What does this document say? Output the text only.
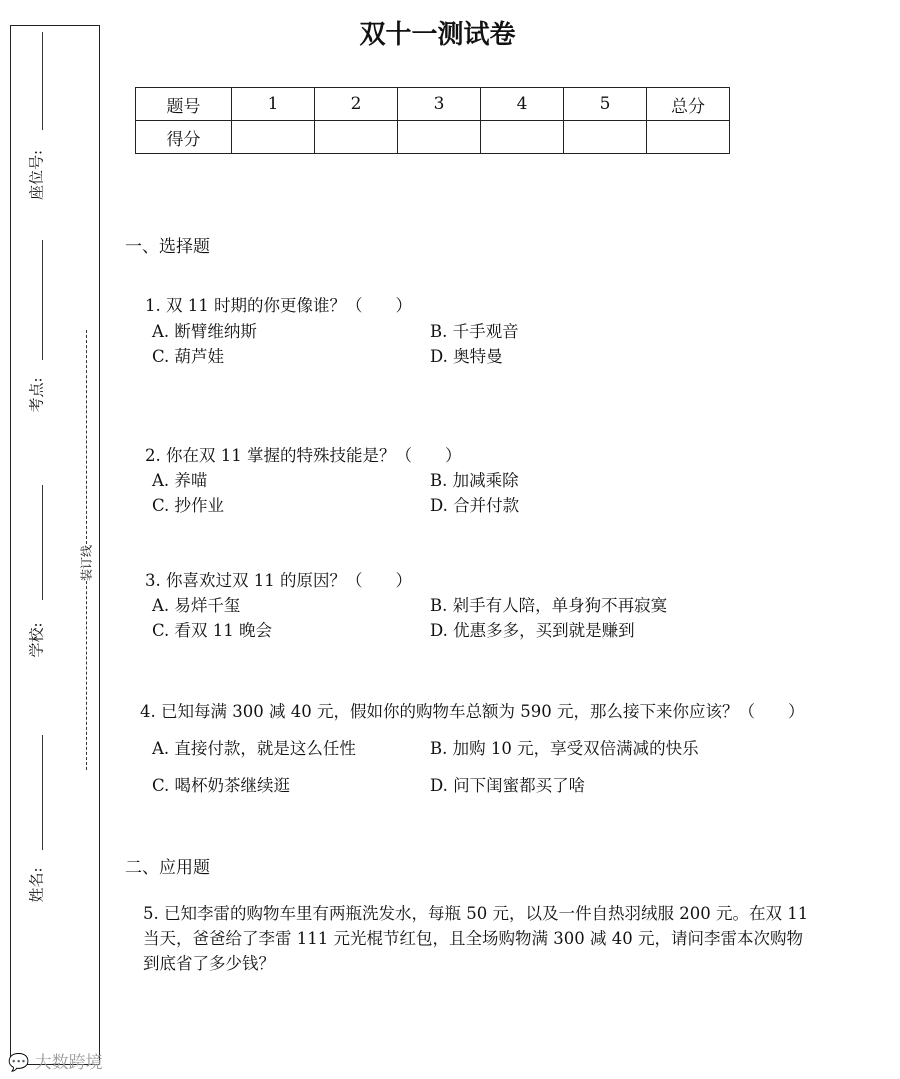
座位号:
考点:
学校:
姓名:
装订线
双十一测试卷
题号	1	2	3	4	5	总分
得分						
一、选择题
1. 双 11 时期的你更像谁？（　　）
A. 断臂维纳斯	B. 千手观音
C. 葫芦娃	D. 奥特曼
2. 你在双 11 掌握的特殊技能是？（　　）
A. 养喵	B. 加减乘除
C. 抄作业	D. 合并付款
3. 你喜欢过双 11 的原因？（　　）
A. 易烊千玺	B. 剁手有人陪，单身狗不再寂寞
C. 看双 11 晚会	D. 优惠多多，买到就是赚到
4. 已知每满 300 减 40 元，假如你的购物车总额为 590 元，那么接下来你应该？（　　）
A. 直接付款，就是这么任性	B. 加购 10 元，享受双倍满减的快乐
C. 喝杯奶茶继续逛	D. 问下闺蜜都买了啥
二、应用题
5. 已知李雷的购物车里有两瓶洗发水，每瓶 50 元，以及一件自热羽绒服 200 元。在双 11
当天，爸爸给了李雷 111 元光棍节红包，且全场购物满 300 减 40 元，请问李雷本次购物
到底省了多少钱？
💬 大数跨境
